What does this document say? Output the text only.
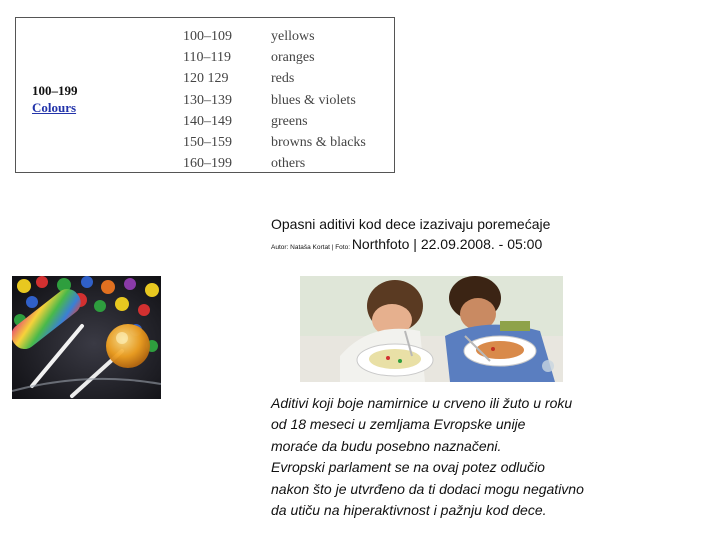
100–199
Colours
100–109
110–119
120 129
130–139
140–149
150–159
160–199
yellows
oranges
reds
blues & violets
greens
browns & blacks
others
Opasni aditivi kod dece izazivaju poremećaje
Autor: Nataša Kortat | Foto: Northfoto | 22.09.2008. - 05:00
Aditivi koji boje namirnice u crveno ili žuto u roku
od 18 meseci u zemljama Evropske unije
moraće da budu posebno naznačeni.
Evropski parlament se na ovaj potez odlučio
nakon što je utvrđeno da ti dodaci mogu negativno
da utiču na hiperaktivnost i pažnju kod dece.
